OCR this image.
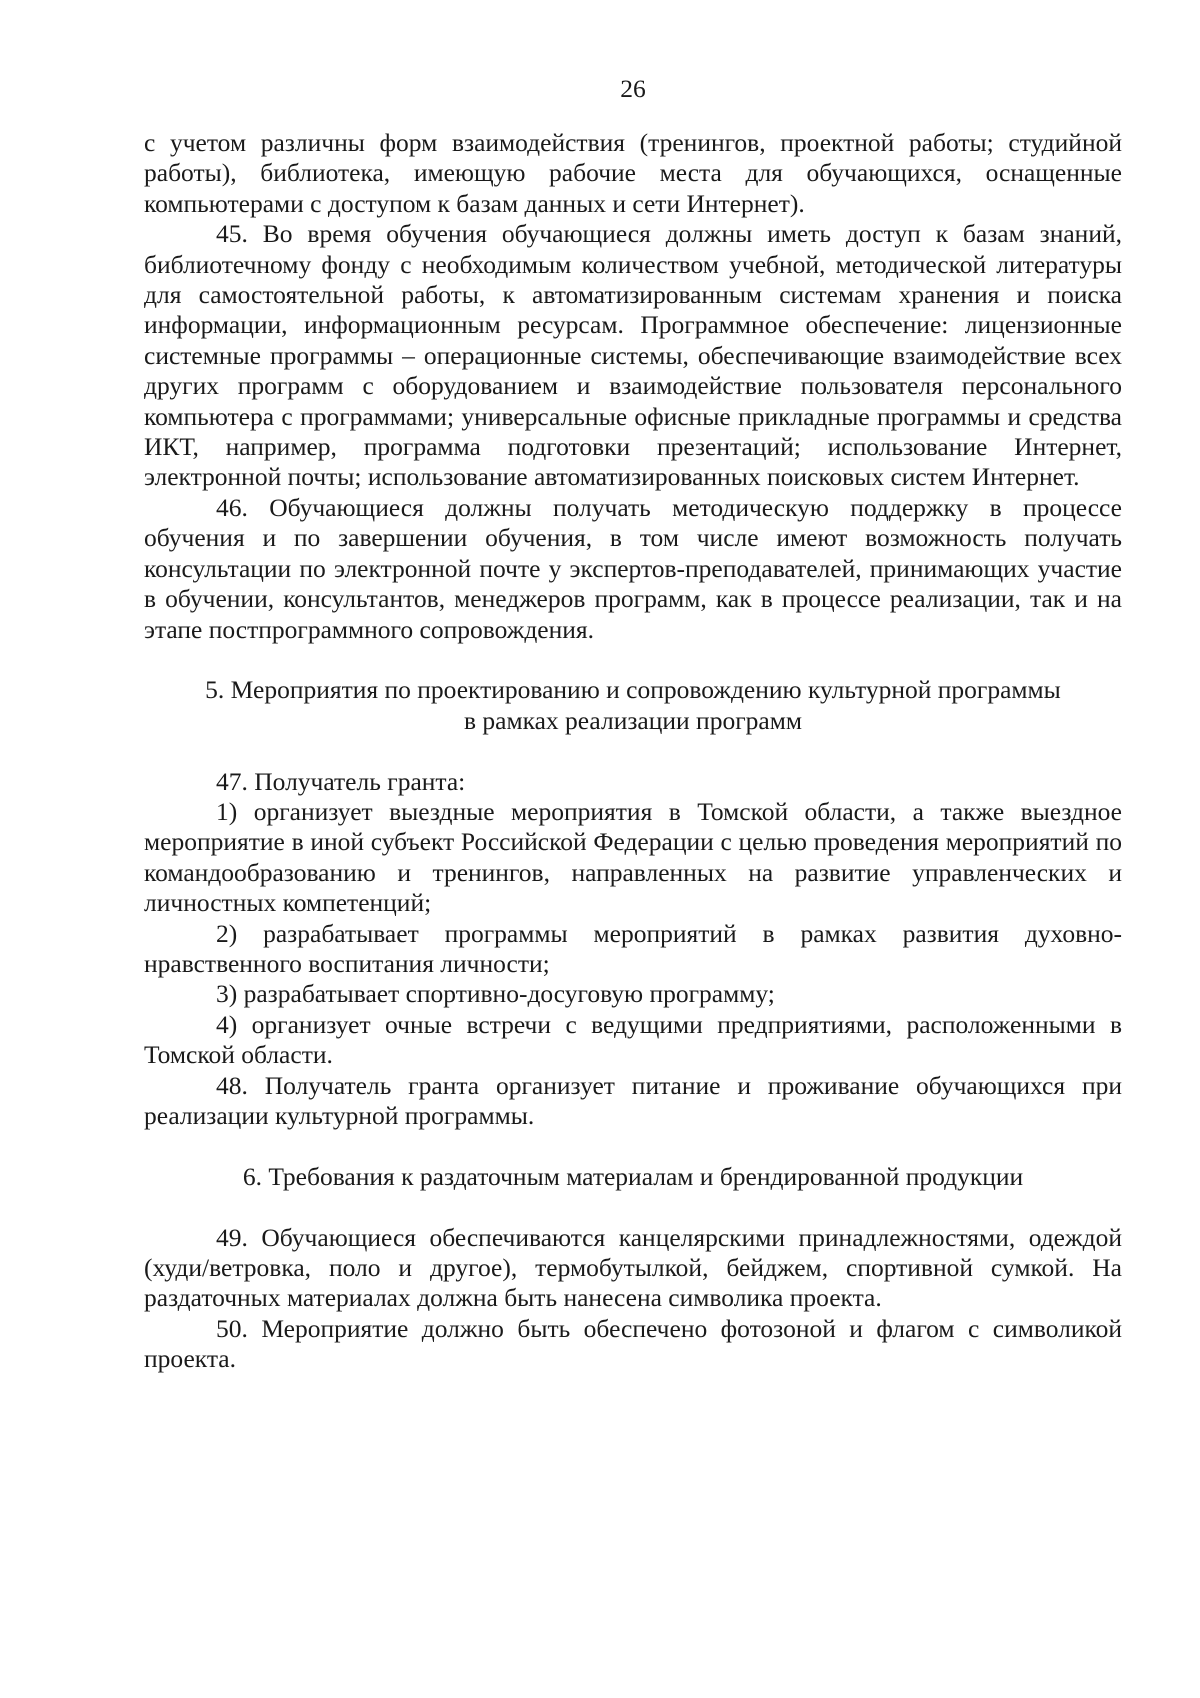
26

с учетом различны форм взаимодействия (тренингов, проектной работы; студийной работы), библиотека, имеющую рабочие места для обучающихся, оснащенные компьютерами с доступом к базам данных и сети Интернет).

45. Во время обучения обучающиеся должны иметь доступ к базам знаний, библиотечному фонду с необходимым количеством учебной, методической литературы для самостоятельной работы, к автоматизированным системам хранения и поиска информации, информационным ресурсам. Программное обеспечение: лицензионные системные программы – операционные системы, обеспечивающие взаимодействие всех других программ с оборудованием и взаимодействие пользователя персонального компьютера с программами; универсальные офисные прикладные программы и средства ИКТ, например, программа подготовки презентаций; использование Интернет, электронной почты; использование автоматизированных поисковых систем Интернет.

46. Обучающиеся должны получать методическую поддержку в процессе обучения и по завершении обучения, в том числе имеют возможность получать консультации по электронной почте у экспертов-преподавателей, принимающих участие в обучении, консультантов, менеджеров программ, как в процессе реализации, так и на этапе постпрограммного сопровождения.

5. Мероприятия по проектированию и сопровождению культурной программы
в рамках реализации программ

47. Получатель гранта:

1) организует выездные мероприятия в Томской области, а также выездное мероприятие в иной субъект Российской Федерации с целью проведения мероприятий по командообразованию и тренингов, направленных на развитие управленческих и личностных компетенций;

2) разрабатывает программы мероприятий в рамках развития духовно-нравственного воспитания личности;

3) разрабатывает спортивно-досуговую программу;

4) организует очные встречи с ведущими предприятиями, расположенными в Томской области.

48. Получатель гранта организует питание и проживание обучающихся при реализации культурной программы.

6. Требования к раздаточным материалам и брендированной продукции

49. Обучающиеся обеспечиваются канцелярскими принадлежностями, одеждой (худи/ветровка, поло и другое), термобутылкой, бейджем, спортивной сумкой. На раздаточных материалах должна быть нанесена символика проекта.

50. Мероприятие должно быть обеспечено фотозоной и флагом с символикой проекта.
